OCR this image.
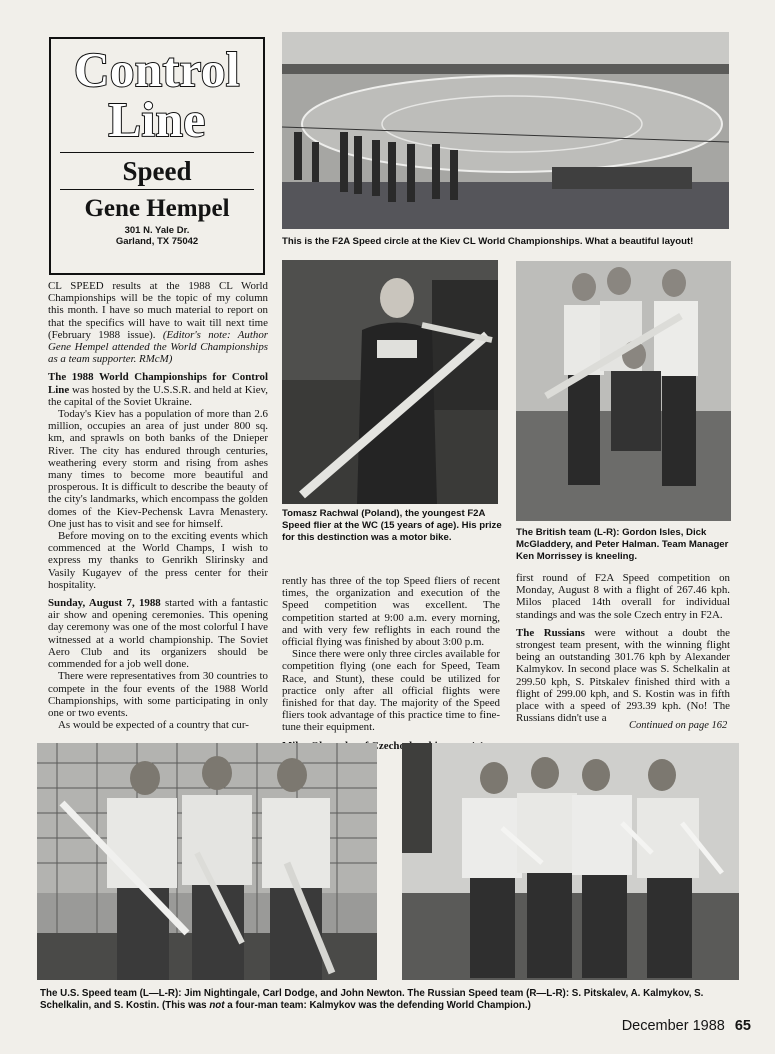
Control
Line
Speed
Gene Hempel
301 N. Yale Dr.
Garland, TX 75042	This is the F2A Speed circle at the Kiev CL World Championships. What a beautiful layout!
Tomasz Rachwal (Poland), the youngest F2A Speed flier at the WC (15 years of age). His prize for this destinction was a motor bike.	The British team (L-R): Gordon Isles, Dick McGladdery, and Peter Halman. Team Manager Ken Morrissey is kneeling.

CL SPEED results at the 1988 CL World Championships will be the topic of my column this month. I have so much material to report on that the specifics will have to wait till next time (February 1988 issue). (Editor's note: Author Gene Hempel attended the World Championships as a team supporter. RMcM)

The 1988 World Championships for Control Line was hosted by the U.S.S.R. and held at Kiev, the capital of the Soviet Ukraine.

Today's Kiev has a population of more than 2.6 million, occupies an area of just under 800 sq. km, and sprawls on both banks of the Dnieper River. The city has endured through centuries, weathering every storm and rising from ashes many times to become more beautiful and prosperous. It is difficult to describe the beauty of the city's landmarks, which encompass the golden domes of the Kiev-Pechensk Lavra Menastery. One just has to visit and see for himself.

Before moving on to the exciting events which commenced at the World Champs, I wish to express my thanks to Genrikh Slirinsky and Vasily Kugayev of the press center for their hospitality.

Sunday, August 7, 1988 started with a fantastic air show and opening ceremonies. This opening day ceremony was one of the most colorful I have witnessed at a world championship. The Soviet Aero Club and its organizers should be commended for a job well done.

There were representatives from 30 countries to compete in the four events of the 1988 World Championships, with some participating in only one or two events.

As would be expected of a country that cur-

rently has three of the top Speed fliers of recent times, the organization and execution of the Speed competition was excellent. The competition started at 9:00 a.m. every morning, and with very few reflights in each round the official flying was finished by about 3:00 p.m.

Since there were only three circles available for competition flying (one each for Speed, Team Race, and Stunt), these could be utilized for practice only after all official flights were finished for that day. The majority of the Speed fliers took advantage of this practice time to fine-tune their equipment.

first round of F2A Speed competition on Monday, August 8 with a flight of 267.46 kph. Milos placed 14th overall for individual standings and was the sole Czech entry in F2A.

The Russians were without a doubt the strongest team present, with the winning flight being an outstanding 301.76 kph by Alexander Kalmykov. In second place was S. Schelkalin at 299.50 kph, S. Pitskalev finished third with a flight of 299.00 kph, and S. Kostin was in fifth place with a speed of 293.39 kph. (No! The Russians didn't use a

Continued on page 162
The U.S. Speed team (L—L-R): Jim Nightingale, Carl Dodge, and John Newton. The Russian Speed team (R—L-R): S. Pitskalev, A. Kalmykov, S. Schelkalin, and S. Kostin. (This was not a four-man team: Kalmykov was the defending World Champion.)
December 1988 65
